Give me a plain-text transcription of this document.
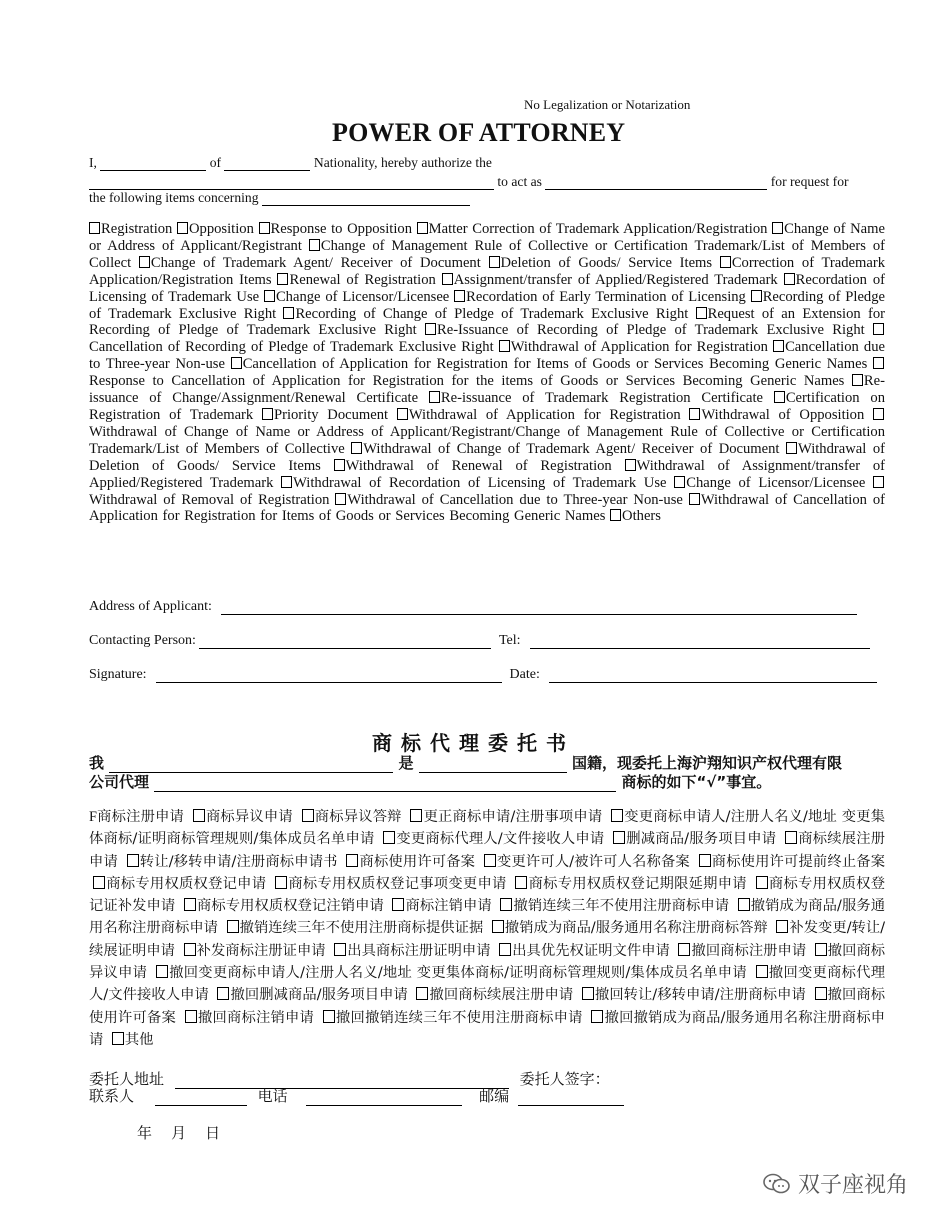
No Legalization or Notarization
POWER OF ATTORNEY
I,	of	Nationality, hereby authorize the
to act as	for request for
the following items concerning
Registration Opposition Response to Opposition Matter Correction of Trademark Application/Registration Change of Name or Address of Applicant/Registrant Change of Management Rule of Collective or Certification Trademark/List of Members of Collect Change of Trademark Agent/ Receiver of Document Deletion of Goods/ Service Items Correction of Trademark Application/Registration Items Renewal of Registration Assignment/transfer of Applied/Registered Trademark Recordation of Licensing of Trademark Use Change of Licensor/Licensee Recordation of Early Termination of Licensing Recording of Pledge of Trademark Exclusive Right Recording of Change of Pledge of Trademark Exclusive Right Request of an Extension for Recording of Pledge of Trademark Exclusive Right Re-Issuance of Recording of Pledge of Trademark Exclusive Right Cancellation of Recording of Pledge of Trademark Exclusive Right Withdrawal of Application for Registration Cancellation due to Three-year Non-use Cancellation of Application for Registration for Items of Goods or Services Becoming Generic Names Response to Cancellation of Application for Registration for the items of Goods or Services Becoming Generic Names Re-issuance of Change/Assignment/Renewal Certificate Re-issuance of Trademark Registration Certificate Certification on Registration of Trademark Priority Document Withdrawal of Application for Registration Withdrawal of Opposition Withdrawal of Change of Name or Address of Applicant/Registrant/Change of Management Rule of Collective or Certification Trademark/List of Members of Collective Withdrawal of Change of Trademark Agent/ Receiver of Document Withdrawal of Deletion of Goods/ Service Items Withdrawal of Renewal of Registration Withdrawal of Assignment/transfer of Applied/Registered Trademark Withdrawal of Recordation of Licensing of Trademark Use Change of Licensor/Licensee Withdrawal of Removal of Registration Withdrawal of Cancellation due to Three-year Non-use Withdrawal of Cancellation of Application for Registration for Items of Goods or Services Becoming Generic Names Others
Address of Applicant:
Contacting Person:	Tel:
Signature:	Date:
商标代理委托书
我	是	国籍，现委托上海沪翔知识产权代理有限
公司代理	商标的如下“√”事宜。
F商标注册申请 商标异议申请 商标异议答辩 更正商标申请/注册事项申请 变更商标申请人/注册人名义/地址 变更集体商标/证明商标管理规则/集体成员名单申请 变更商标代理人/文件接收人申请 删减商品/服务项目申请 商标续展注册申请 转让/移转申请/注册商标申请书 商标使用许可备案 变更许可人/被许可人名称备案 商标使用许可提前终止备案 商标专用权质权登记申请 商标专用权质权登记事项变更申请 商标专用权质权登记期限延期申请 商标专用权质权登记证补发申请 商标专用权质权登记注销申请 商标注销申请 撤销连续三年不使用注册商标申请 撤销成为商品/服务通用名称注册商标申请 撤销连续三年不使用注册商标提供证据 撤销成为商品/服务通用名称注册商标答辩 补发变更/转让/续展证明申请 补发商标注册证申请 出具商标注册证明申请 出具优先权证明文件申请 撤回商标注册申请 撤回商标异议申请 撤回变更商标申请人/注册人名义/地址 变更集体商标/证明商标管理规则/集体成员名单申请 撤回变更商标代理人/文件接收人申请 撤回删减商品/服务项目申请 撤回商标续展注册申请 撤回转让/移转申请/注册商标申请 撤回商标使用许可备案 撤回商标注销申请 撤回撤销连续三年不使用注册商标申请 撤回撤销成为商品/服务通用名称注册商标申请 其他
委托人地址	委托人签字：
联系人	电话	邮编
年    月    日
双子座视角
